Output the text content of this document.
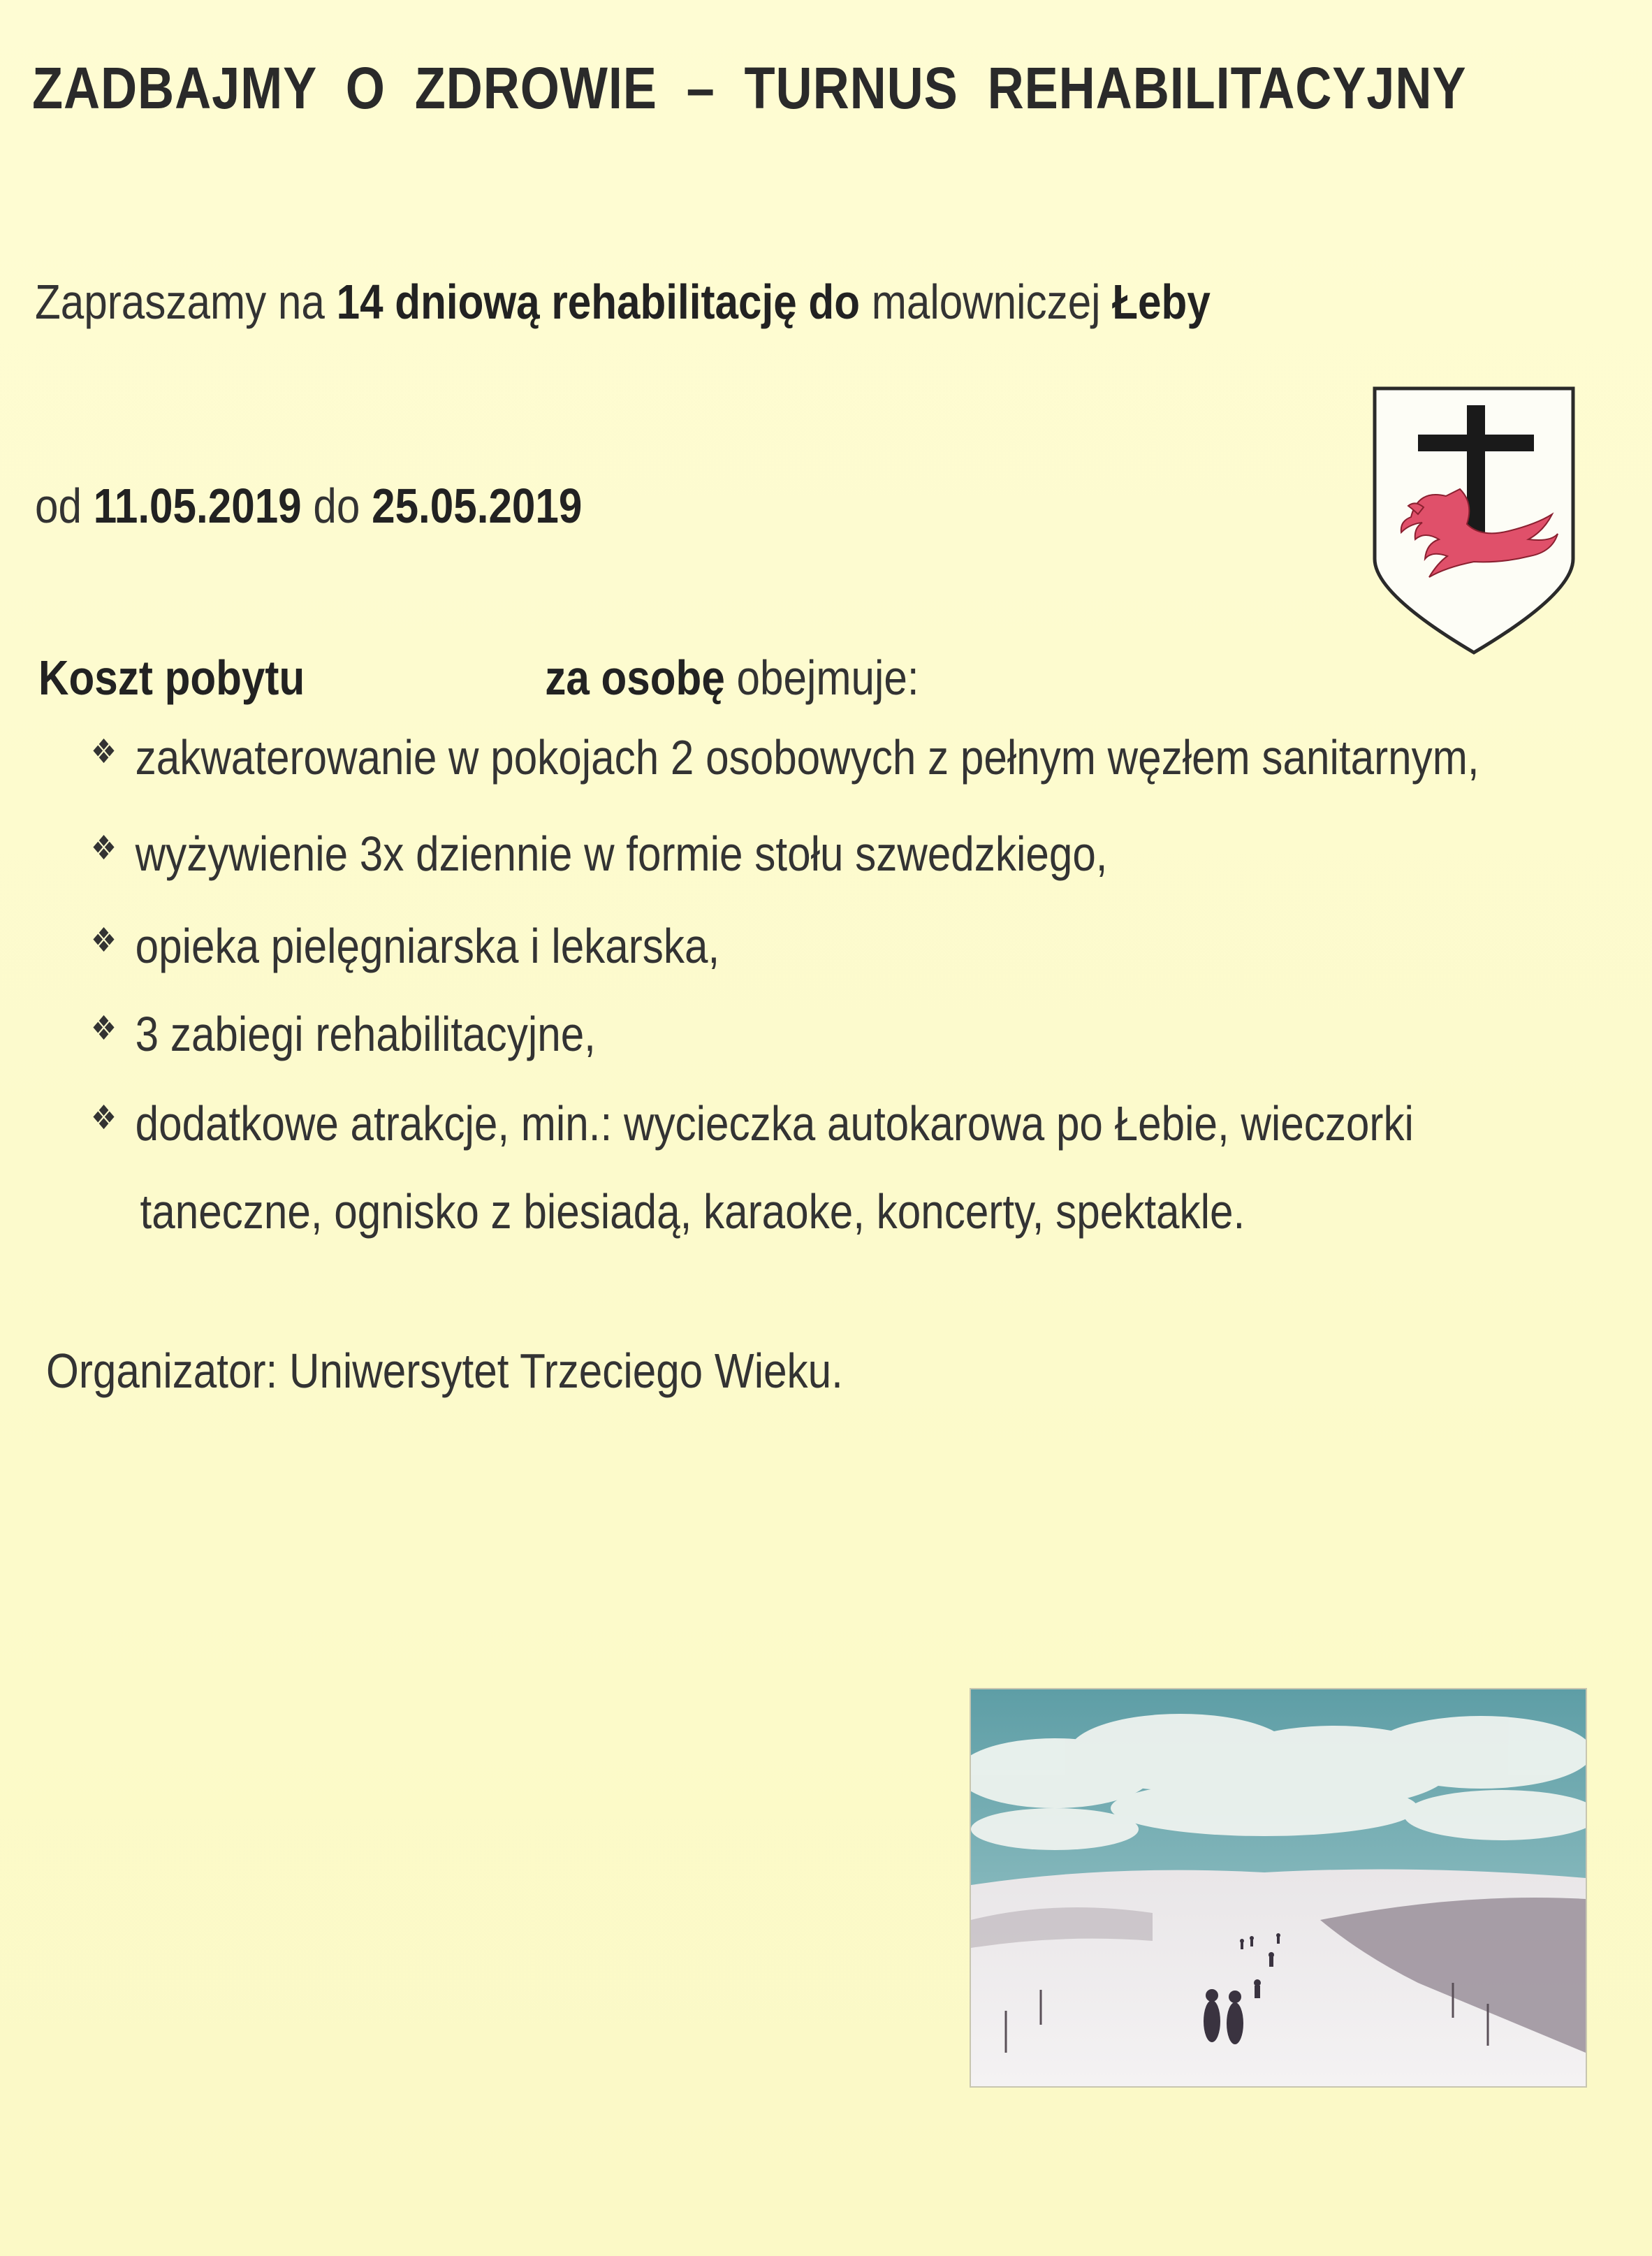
ZADBAJMY  O  ZDROWIE  –  TURNUS  REHABILITACYJNY
Zapraszamy na 14 dniową rehabilitację do malowniczej Łeby
od 11.05.2019 do 25.05.2019
Koszt pobytu	za osobę obejmuje:
❖ zakwaterowanie w pokojach 2 osobowych z pełnym węzłem sanitarnym,
❖ wyżywienie 3x dziennie w formie stołu szwedzkiego,
❖ opieka pielęgniarska i lekarska,
❖ 3 zabiegi rehabilitacyjne,
❖ dodatkowe atrakcje, min.: wycieczka autokarowa po Łebie, wieczorki
taneczne, ognisko z biesiadą, karaoke, koncerty, spektakle.
Organizator: Uniwersytet Trzeciego Wieku.
